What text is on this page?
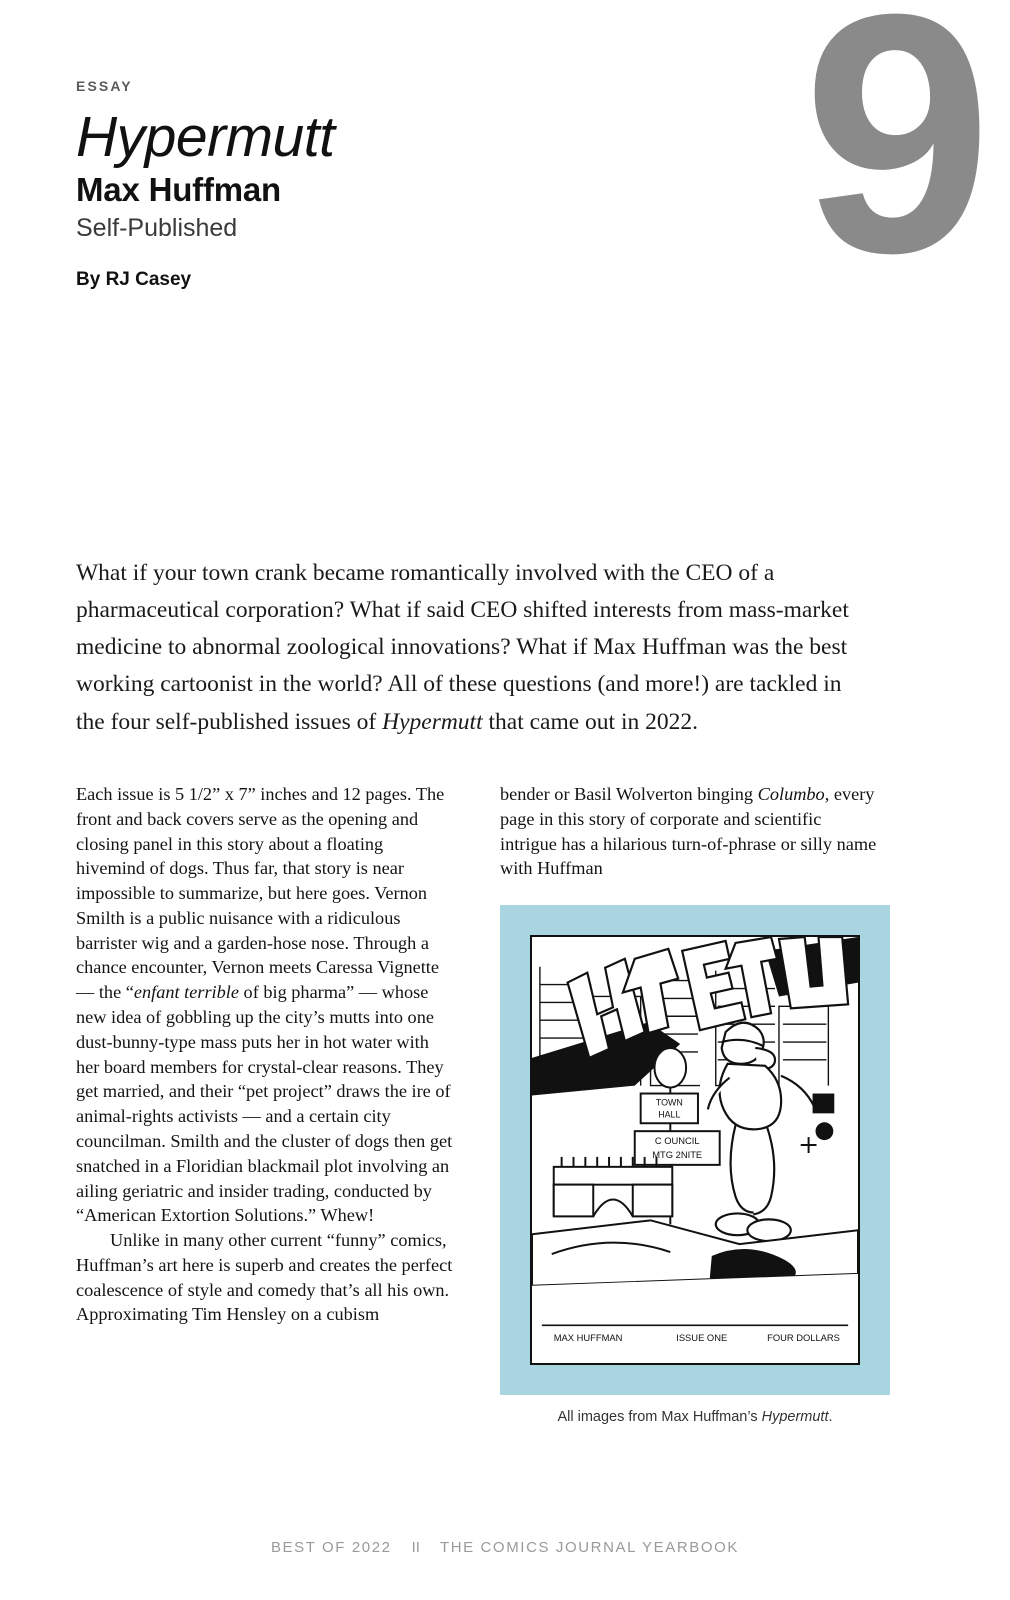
9
ESSAY
Hypermutt
Max Huffman
Self-Published
By RJ Casey
What if your town crank became romantically involved with the CEO of a pharmaceutical corporation? What if said CEO shifted interests from mass-market medicine to abnormal zoological innovations? What if Max Huffman was the best working cartoonist in the world? All of these questions (and more!) are tackled in the four self-published issues of Hypermutt that came out in 2022.

Each issue is 5 1/2” x 7” inches and 12 pages. The front and back covers serve as the opening and closing panel in this story about a floating hivemind of dogs. Thus far, that story is near impossible to summarize, but here goes. Vernon Smilth is a public nuisance with a ridiculous barrister wig and a garden-hose nose. Through a chance encounter, Vernon meets Caressa Vignette — the “enfant terrible of big pharma” — whose new idea of gobbling up the city’s mutts into one dust-bunny-type mass puts her in hot water with her board members for crystal-clear reasons. They get married, and their “pet project” draws the ire of animal-rights activists — and a certain city councilman. Smilth and the cluster of dogs then get snatched in a Floridian blackmail plot involving an ailing geriatric and insider trading, conducted by “American Extortion Solutions.” Whew!

Unlike in many other current “funny” comics, Huffman’s art here is superb and creates the perfect coalescence of style and comedy that’s all his own. Approximating Tim Hensley on a cubism

bender or Basil Wolverton binging Columbo, every page in this story of corporate and scientific intrigue has a hilarious turn-of-phrase or silly name with Huffman

TOWN
HALL
C OUNCIL
MTG 2NITE
MAX HUFFMAN	ISSUE ONE	FOUR DOLLARS
All images from Max Huffman’s Hypermutt.
BEST OF 2022 II THE COMICS JOURNAL YEARBOOK
